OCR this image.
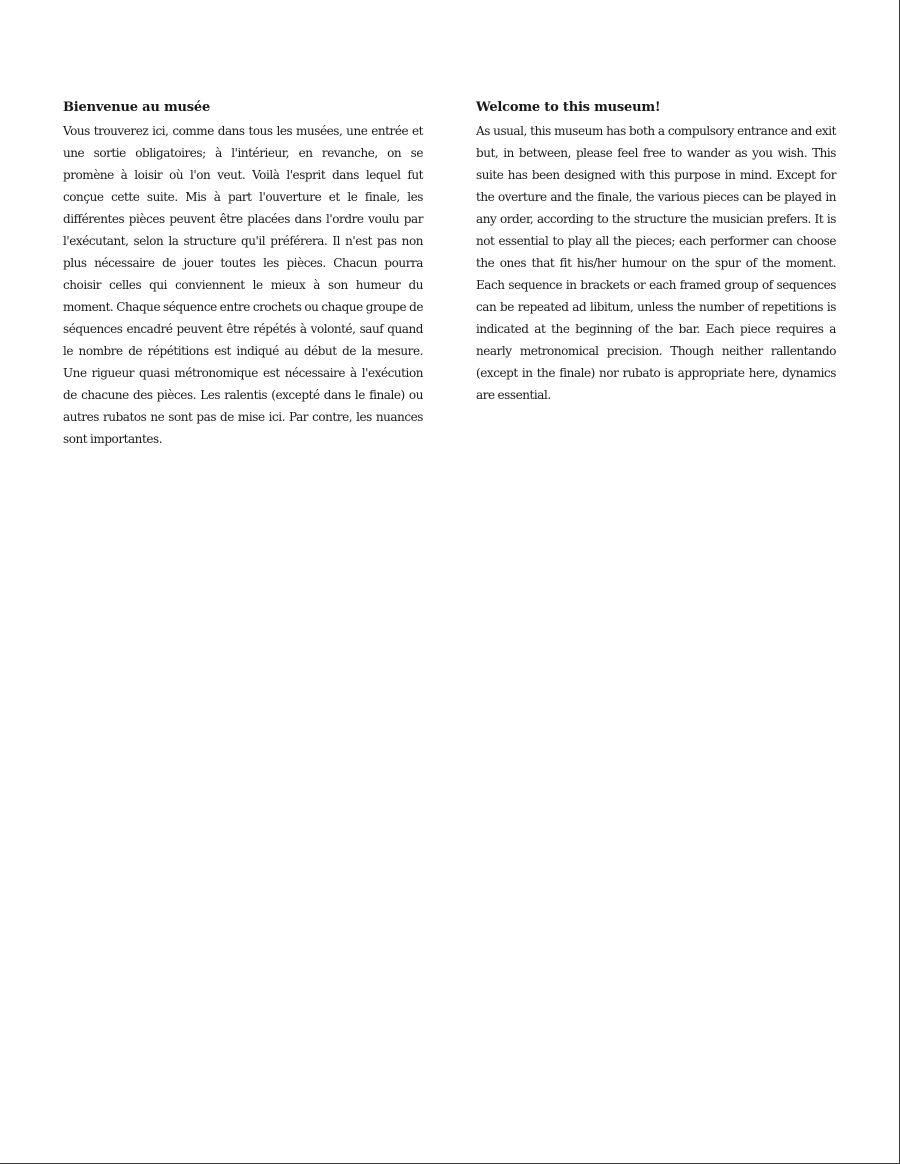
Bienvenue au musée

Vous trouverez ici, comme dans tous les musées, une entrée et une sortie obligatoires; à l'intérieur, en revanche, on se promène à loisir où l'on veut. Voilà l'esprit dans lequel fut conçue cette suite. Mis à part l'ouverture et le finale, les différentes pièces peuvent être placées dans l'ordre voulu par l'exécutant, selon la structure qu'il préférera. Il n'est pas non plus nécessaire de jouer toutes les pièces. Chacun pourra choisir celles qui conviennent le mieux à son humeur du moment. Chaque séquence entre crochets ou chaque groupe de séquences encadré peuvent être répétés à volonté, sauf quand le nombre de répétitions est indiqué au début de la mesure. Une rigueur quasi métronomique est nécessaire à l'exécution de chacune des pièces. Les ralentis (excepté dans le finale) ou autres rubatos ne sont pas de mise ici. Par contre, les nuances sont importantes.

Welcome to this museum!

As usual, this museum has both a compulsory entrance and exit but, in between, please feel free to wander as you wish. This suite has been designed with this purpose in mind. Except for the overture and the finale, the various pieces can be played in any order, according to the structure the musician prefers. It is not essential to play all the pieces; each performer can choose the ones that fit his/her humour on the spur of the moment. Each sequence in brackets or each framed group of sequences can be repeated ad libitum, unless the number of repetitions is indicated at the beginning of the bar. Each piece requires a nearly metronomical precision. Though neither rallentando (except in the finale) nor rubato is appropriate here, dynamics are essential.
